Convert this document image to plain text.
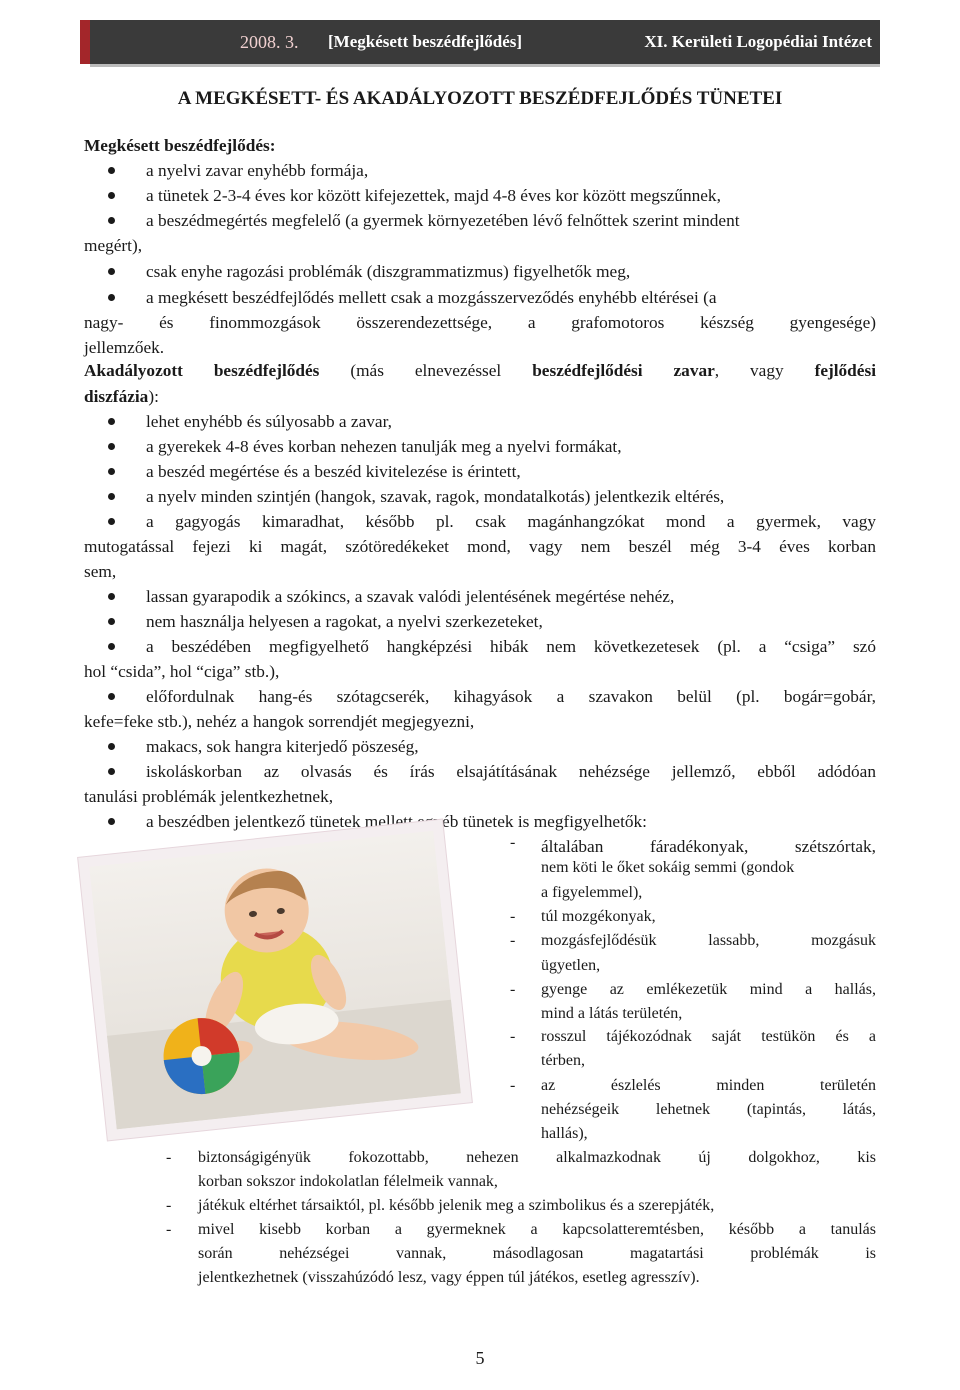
2008. 3. [Megkésett beszédfejlődés]	XI. Kerületi Logopédiai Intézet
A MEGKÉSETT- ÉS AKADÁLYOZOTT BESZÉDFEJLŐDÉS TÜNETEI
Megkésett beszédfejlődés:
a nyelvi zavar enyhébb formája,
a tünetek 2-3-4 éves kor között kifejezettek, majd 4-8 éves kor között megszűnnek,
a beszédmegértés megfelelő (a gyermek környezetében lévő felnőttek szerint mindent
megért),
csak enyhe ragozási problémák (diszgrammatizmus) figyelhetők meg,
a megkésett beszédfejlődés mellett csak a mozgásszerveződés enyhébb eltérései (a
nagy- és finommozgások összerendezettsége, a grafomotoros készség gyengesége)
jellemzőek.
Akadályozott beszédfejlődés (más elnevezéssel beszédfejlődési zavar, vagy fejlődési
diszfázia):
lehet enyhébb és súlyosabb a zavar,
a gyerekek 4-8 éves korban nehezen tanulják meg a nyelvi formákat,
a beszéd megértése és a beszéd kivitelezése is érintett,
a nyelv minden szintjén (hangok, szavak, ragok, mondatalkotás) jelentkezik eltérés,
a gagyogás kimaradhat, később pl. csak magánhangzókat mond a gyermek, vagy
mutogatással fejezi ki magát, szótöredékeket mond, vagy nem beszél még 3-4 éves korban
sem,
lassan gyarapodik a szókincs, a szavak valódi jelentésének megértése nehéz,
nem használja helyesen a ragokat, a nyelvi szerkezeteket,
a beszédében megfigyelhető hangképzési hibák nem következetesek (pl. a “csiga” szó
hol “csida”, hol “ciga” stb.),
előfordulnak hang-és szótagcserék, kihagyások a szavakon belül (pl. bogár=gobár,
kefe=feke stb.), nehéz a hangok sorrendjét megjegyezni,
makacs, sok hangra kiterjedő pöszeség,
iskoláskorban az olvasás és írás elsajátításának nehézsége jellemző, ebből adódóan
tanulási problémák jelentkezhetnek,
a beszédben jelentkező tünetek mellett egyéb tünetek is megfigyelhetők:
- általában fáradékonyak, szétszórtak,
nem köti le őket sokáig semmi (gondok
a figyelemmel),
- túl mozgékonyak,
- mozgásfejlődésük lassabb, mozgásuk
ügyetlen,
- gyenge az emlékezetük mind a hallás,
mind a látás területén,
- rosszul tájékozódnak saját testükön és a
térben,
- az észlelés minden területén
nehézségeik lehetnek (tapintás, látás,
hallás),
- biztonságigényük fokozottabb, nehezen alkalmazkodnak új dolgokhoz, kis
korban sokszor indokolatlan félelmeik vannak,
- játékuk eltérhet társaiktól, pl. később jelenik meg a szimbolikus és a szerepjáték,
- mivel kisebb korban a gyermeknek a kapcsolatteremtésben, később a tanulás
során nehézségei vannak, másodlagosan magatartási problémák is
jelentkezhetnek (visszahúzódó lesz, vagy éppen túl játékos, esetleg agresszív).
5
